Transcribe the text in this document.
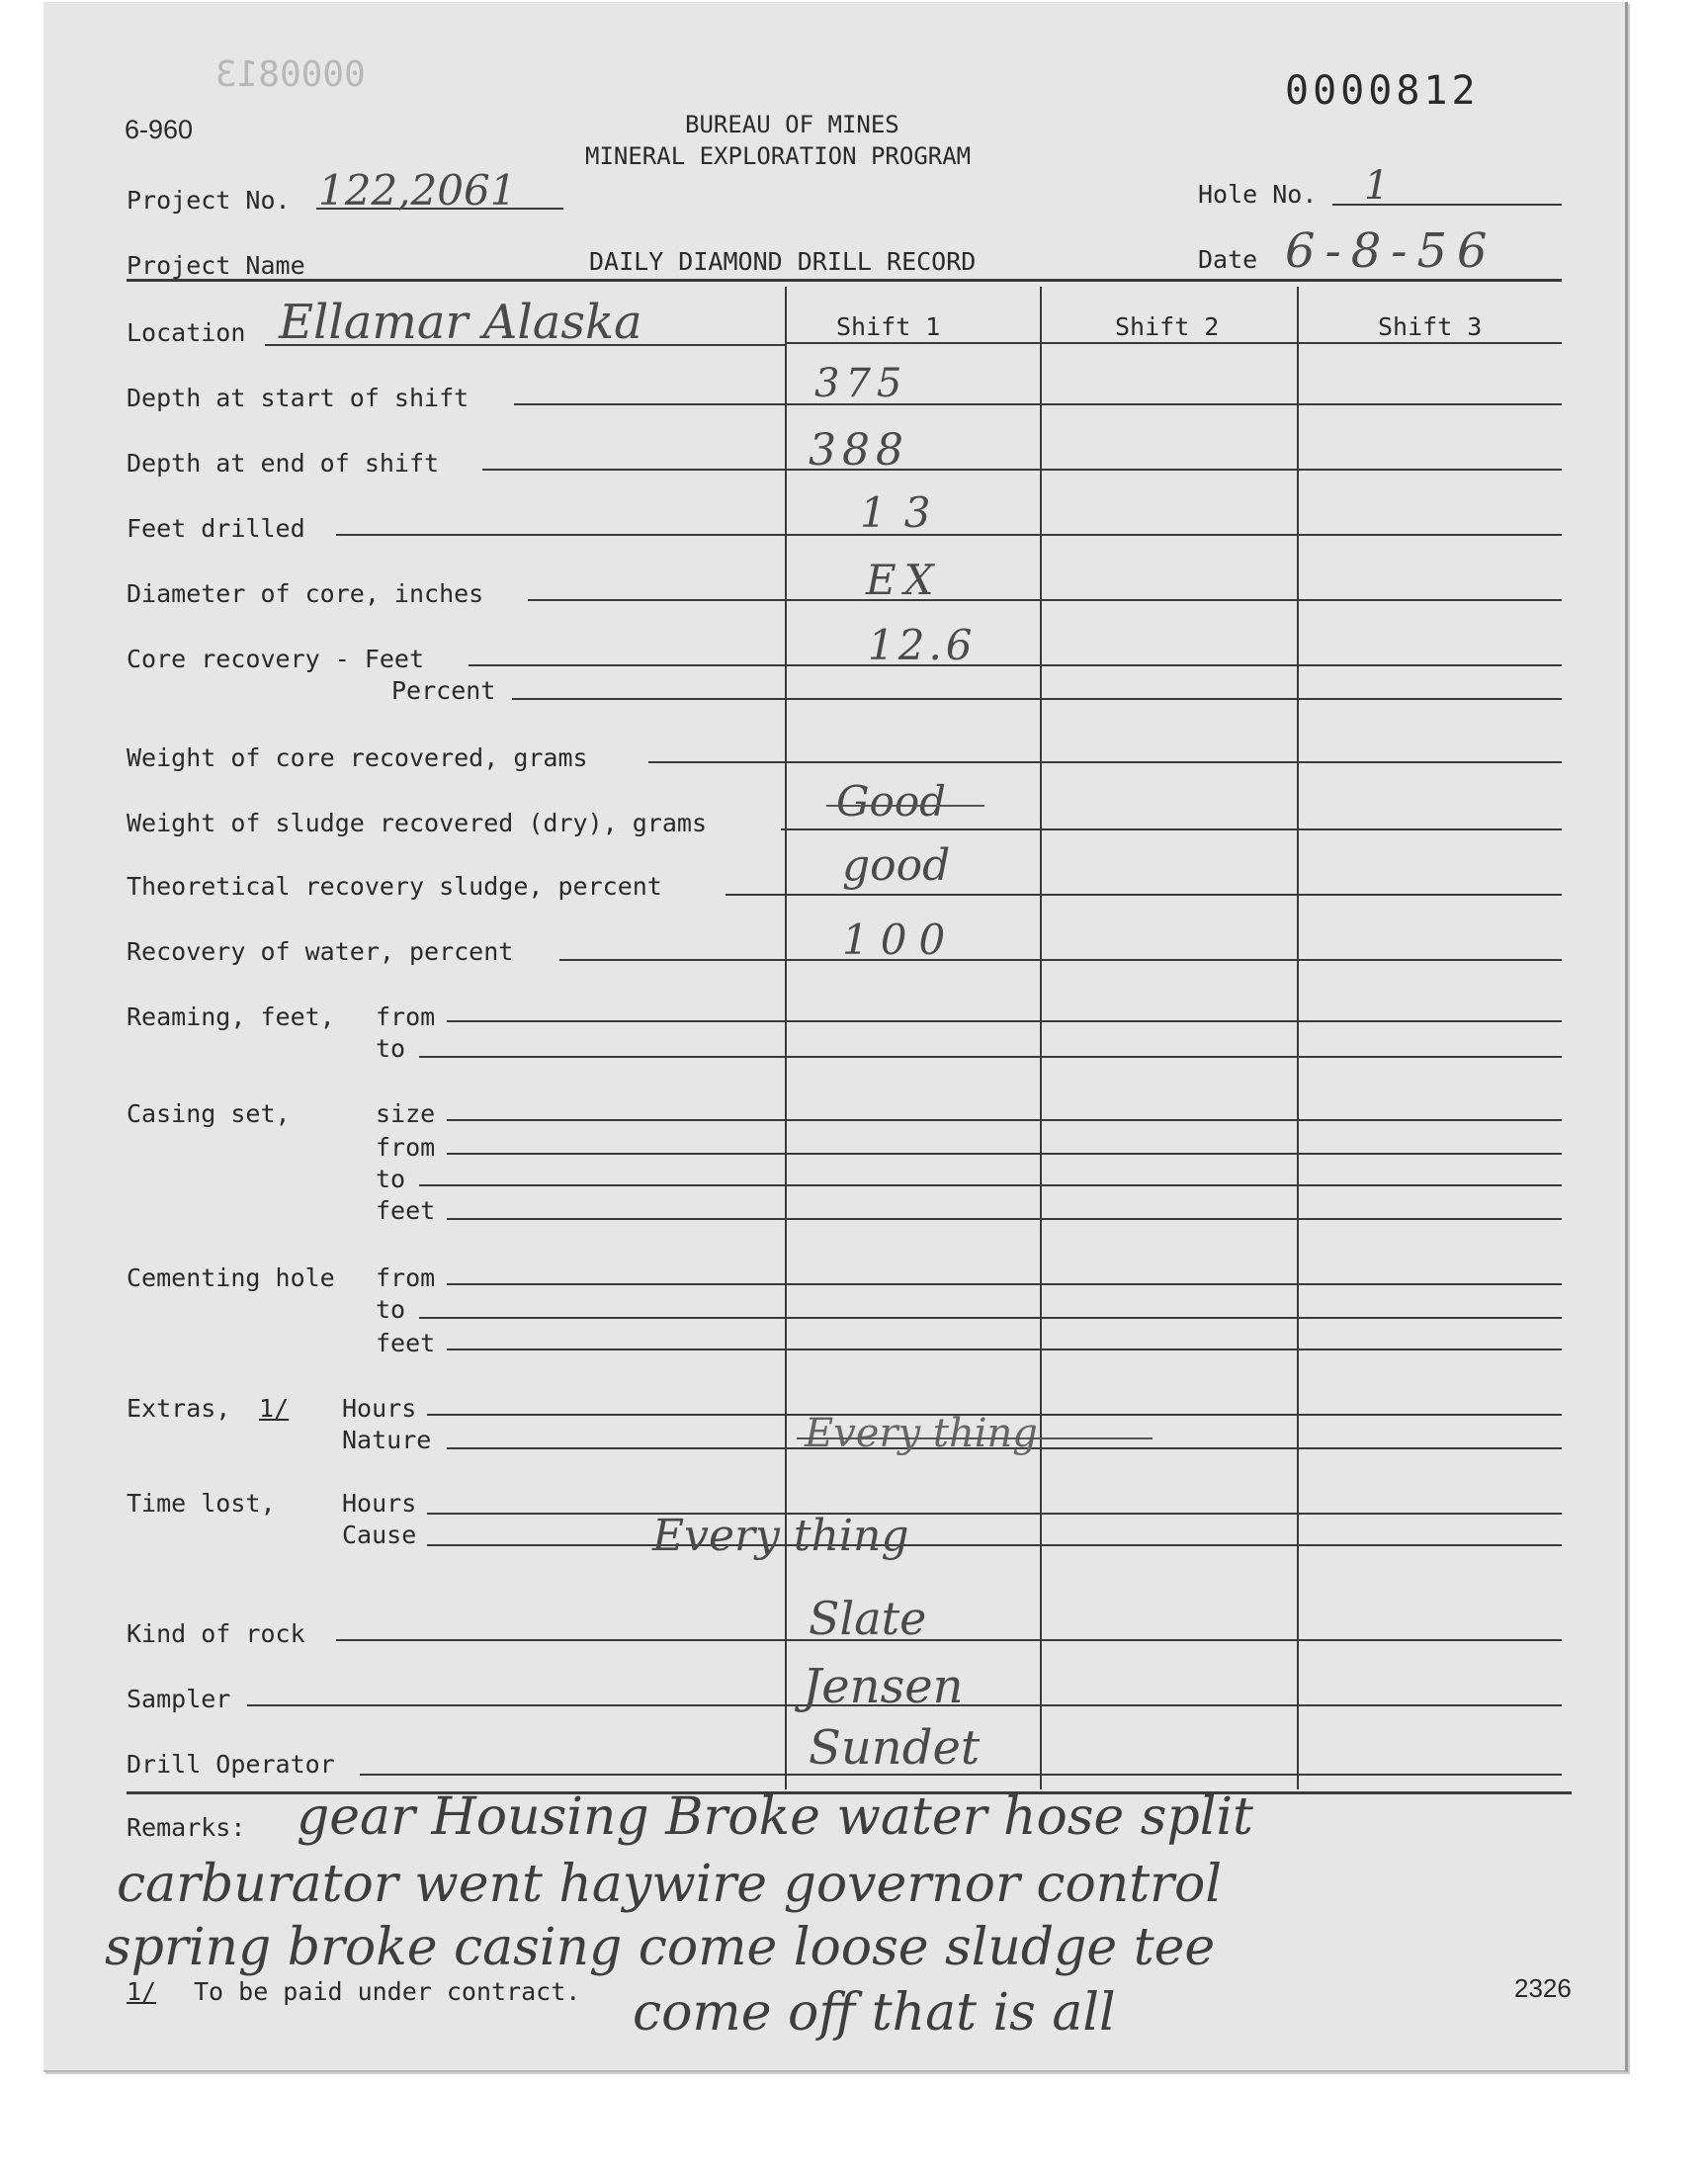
0000813
6-960
0000812
BUREAU OF MINES
MINERAL EXPLORATION PROGRAM
Project No. 122,2061	Hole No. 1
Project Name	DAILY DIAMOND DRILL RECORD	Date 6-8-56
Location Ellamar Alaska	Shift 1	Shift 2	Shift 3
Depth at start of shift	375
Depth at end of shift	388
Feet drilled	13
Diameter of core, inches	EX
Core recovery - Feet	12.6
Percent
Weight of core recovered, grams
Weight of sludge recovered (dry), grams	Good
Theoretical recovery sludge, percent	good
Recovery of water, percent	100
Reaming, feet, from
to
Casing set,	size
from
to
feet
Cementing hole from
to
feet
Extras, 1/ Hours
Nature	Every thing
Time lost,	Hours
Cause	Every thing
Kind of rock	Slate
Sampler	Jensen
Drill Operator	Sundet
Remarks: gear Housing Broke water hose split
carburator went haywire governor control
spring broke casing come loose sludge tee
come off that is all
1/ To be paid under contract.	2326
